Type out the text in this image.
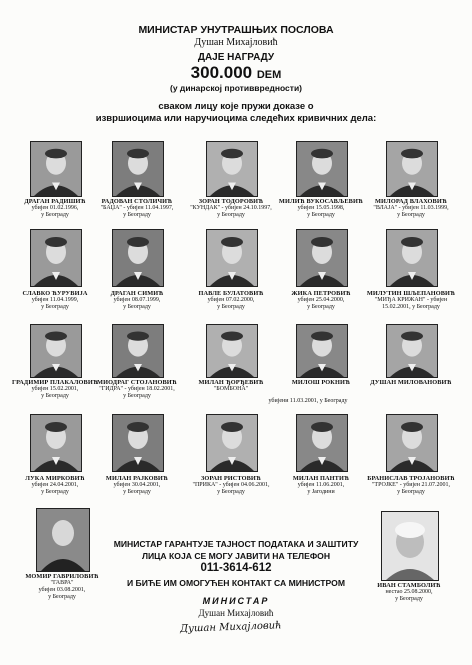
МИНИСТАР УНУТРАШЊИХ ПОСЛОВА
Душан Михајловић
ДАЈЕ НАГРАДУ
300.000 DEM
(у динарској противвредности)
сваком лицу које пружи доказе о
извршиоцима или наручиоцима следећих кривичних дела:
ДРАГАН РАДИШИЋ
убијен 01.02.1996,
у Београду
РАДОВАН СТОЛИЧИЋ
"БАЏА" - убијен 11.04.1997,
у Београду
ЗОРАН ТОДОРОВИЋ
"КУНДАК" - убијен 24.10.1997,
у Београду
МИЛИЋ ВУКОСАВЉЕВИЋ
убијен 15.05.1998,
у Београду
МИЛОРАД ВЛАХОВИЋ
"ВЛАЈА" - убијен 11.03.1999,
у Београду
СЛАВКО ЋУРУВИЈА
убијен 11.04.1999,
у Београду
ДРАГАН СИМИЋ
убијен 08.07.1999,
у Београду
ПАВЛЕ БУЛАТОВИЋ
убијен 07.02.2000,
у Београду
ЖИКА ПЕТРОВИЋ
убијен 25.04.2000,
у Београду
МИЛУТИН ШЉЕПАНОВИЋ
"МИЂА КРИЖАН" - убијен
15.02.2001, у Београду
ГРАДИМИР ПЛАКАЛОВИЋ
убијен 15.02.2001,
у Београду
МИОДРАГ СТОЈАНОВИЋ
"ГИДРА" - убијен 18.02.2001,
у Београду
МИЛАН ЂОРЂЕВИЋ
"БОМБОНА"
МИЛОШ РОКНИЋ	ДУШАН МИЛОВАНОВИЋ
ЛУКА МИРКОВИЋ
убијен 24.04.2001,
у Београду
МИЛАН РАЈКОВИЋ
убијен 30.04.2001,
у Београду
ЗОРАН РИСТОВИЋ
"ПРИКА" - убијен 04.06.2001,
у Београду
МИЛАН ПАНТИЋ
убијен 11.06.2001,
у Јагодини
БРАНИСЛАВ ТРОЈАНОВИЋ
"ТРОЈКЕ" - убијен 21.07.2001,
у Београду
убијени 11.03.2001, у Београду
МОМИР ГАВРИЛОВИЋ
"ГАВРА"
убијен 03.08.2001,
у Београду
ИВАН СТАМБОЛИЋ
нестао 25.08.2000,
у Београду
МИНИСТАР ГАРАНТУЈЕ ТАЈНОСТ ПОДАТАКА И ЗАШТИТУ
ЛИЦА КОЈА СЕ МОГУ ЈАВИТИ НА ТЕЛЕФОН
011-3614-612
И БИЋЕ ИМ ОМОГУЋЕН КОНТАКТ СА МИНИСТРОМ
МИНИСТАР
Душан Михајловић
Душан Михајловић
